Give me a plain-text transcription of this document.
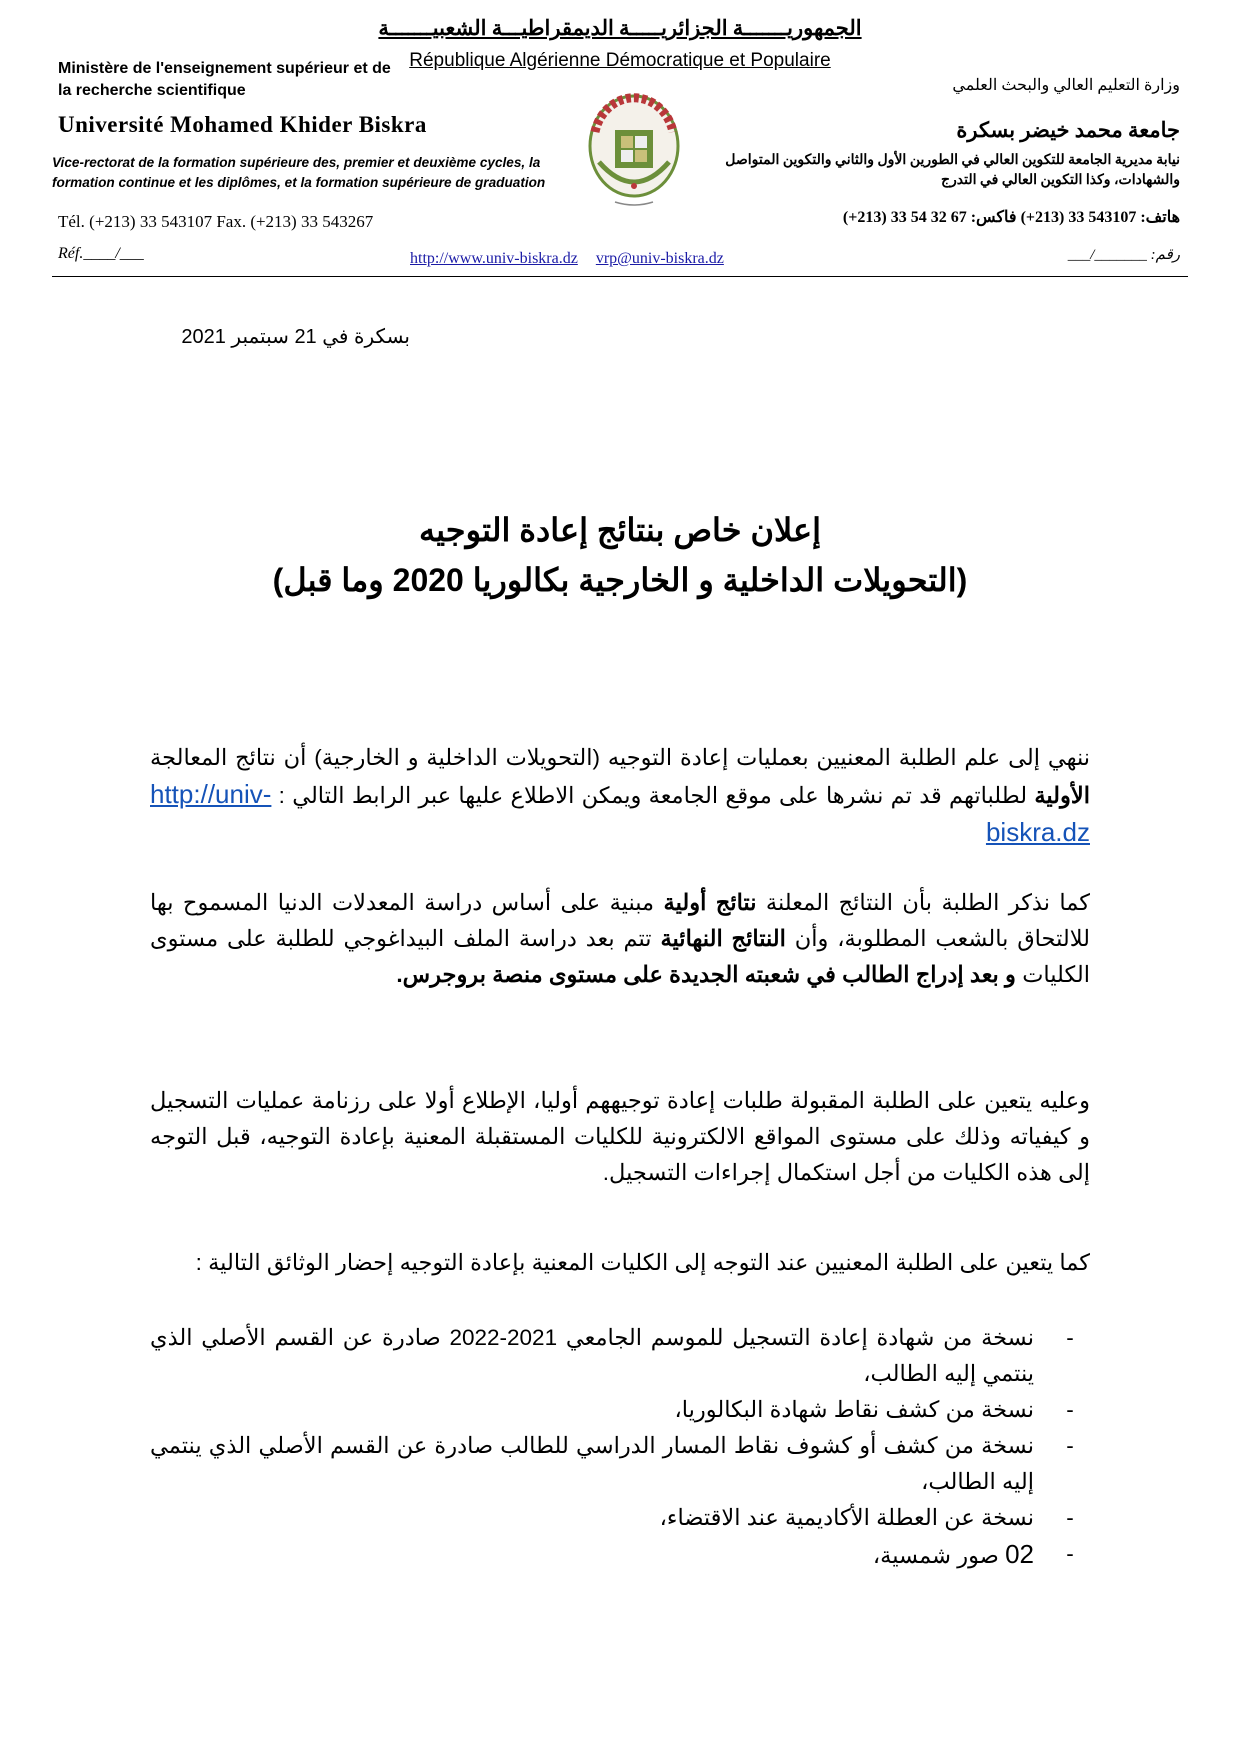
الجمهوريـــــــة الجزائريـــــة الديمقراطيـــة الشعبيـــــــة
République Algérienne Démocratique et Populaire
Ministère de l'enseignement supérieur et de la recherche scientifique
Université Mohamed Khider Biskra
Vice-rectorat de la formation supérieure des, premier et deuxième cycles, la formation continue et les diplômes, et la formation supérieure de graduation
Tél. (+213) 33 543107 Fax. (+213) 33 543267
Réf.____/___
وزارة التعليم العالي والبحث العلمي
جامعة محمد خيضر بسكرة
نيابة مديرية الجامعة للتكوين العالي في الطورين الأول والثاني والتكوين المتواصل والشهادات، وكذا التكوين العالي في التدرج
هاتف: 543107 33 (213+) فاكس: 67 32 54 33 (213+)
رقم: _______/___
http://www.univ-biskra.dz vrp@univ-biskra.dz
بسكرة في 21 سبتمبر 2021
إعلان خاص بنتائج إعادة التوجيه
(التحويلات الداخلية و الخارجية بكالوريا 2020 وما قبل)
ننهي إلى علم الطلبة المعنيين بعمليات إعادة التوجيه (التحويلات الداخلية و الخارجية) أن نتائج المعالجة الأولية لطلباتهم قد تم نشرها على موقع الجامعة ويمكن الاطلاع عليها عبر الرابط التالي : http://univ-biskra.dz
كما نذكر الطلبة بأن النتائج المعلنة نتائج أولية مبنية على أساس دراسة المعدلات الدنيا المسموح بها للالتحاق بالشعب المطلوبة، وأن النتائج النهائية تتم بعد دراسة الملف البيداغوجي للطلبة على مستوى الكليات و بعد إدراج الطالب في شعبته الجديدة على مستوى منصة بروجرس.
وعليه يتعين على الطلبة المقبولة طلبات إعادة توجيههم أوليا، الإطلاع أولا على رزنامة عمليات التسجيل و كيفياته وذلك على مستوى المواقع الالكترونية للكليات المستقبلة المعنية بإعادة التوجيه، قبل التوجه إلى هذه الكليات من أجل استكمال إجراءات التسجيل.
كما يتعين على الطلبة المعنيين عند التوجه إلى الكليات المعنية بإعادة التوجيه إحضار الوثائق التالية :
-
نسخة من شهادة إعادة التسجيل للموسم الجامعي 2021-2022 صادرة عن القسم الأصلي الذي ينتمي إليه الطالب،
-
نسخة من كشف نقاط شهادة البكالوريا،
-
نسخة من كشف أو كشوف نقاط المسار الدراسي للطالب صادرة عن القسم الأصلي الذي ينتمي إليه الطالب،
-
نسخة عن العطلة الأكاديمية عند الاقتضاء،
-
02 صور شمسية،
